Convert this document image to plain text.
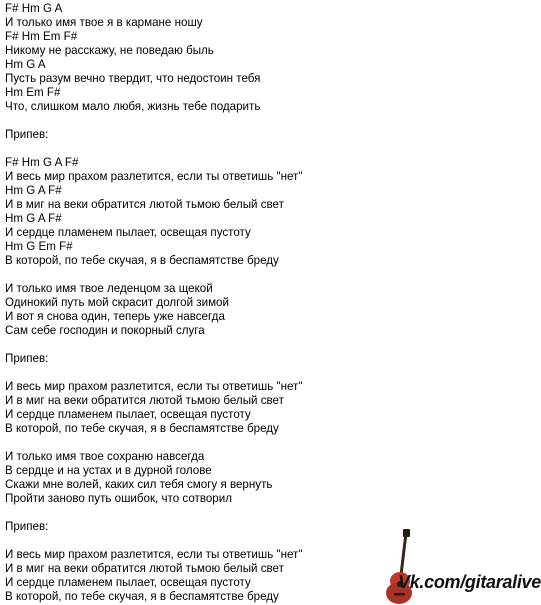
F# Hm G A
И только имя твое я в кармане ношу
F# Hm Em F#
Никому не расскажу, не поведаю быль
Hm G A
Пусть разум вечно твердит, что недостоин тебя
Hm Em F#
Что, слишком мало любя, жизнь тебе подарить
Припев:
F# Hm G A F#
И весь мир прахом разлетится, если ты ответишь "нет"
Hm G A F#
И в миг на веки обратится лютой тьмою белый свет
Hm G A F#
И сердце пламенем пылает, освещая пустоту
Hm G Em F#
В которой, по тебе скучая, я в беспамятстве бреду
И только имя твое леденцом за щекой
Одинокий путь мой скрасит долгой зимой
И вот я снова один, теперь уже навсегда
Сам себе господин и покорный слуга
Припев:
И весь мир прахом разлетится, если ты ответишь "нет"
И в миг на веки обратится лютой тьмою белый свет
И сердце пламенем пылает, освещая пустоту
В которой, по тебе скучая, я в беспамятстве бреду
И только имя твое сохраню навсегда
В сердце и на устах и в дурной голове
Скажи мне волей, каких сил тебя смогу я вернуть
Пройти заново путь ошибок, что сотворил
Припев:
И весь мир прахом разлетится, если ты ответишь "нет"
И в миг на веки обратится лютой тьмою белый свет
И сердце пламенем пылает, освещая пустоту
В которой, по тебе скучая, я в беспамятстве бреду
Vk.com/gitaralive
